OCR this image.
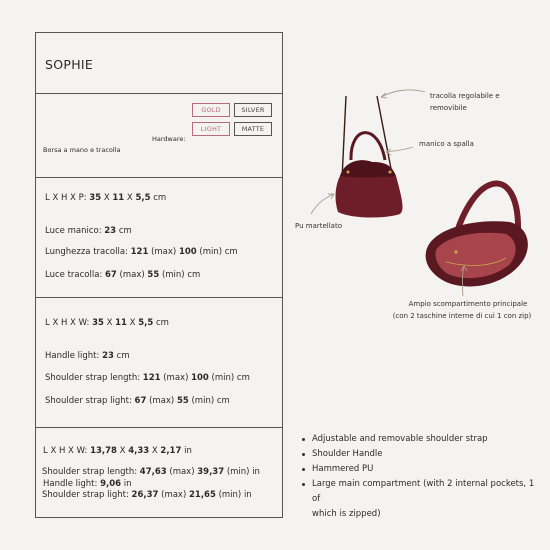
SOPHIE
Borsa a mano e tracolla
Hardware:
GOLD	SILVER
LIGHT	MATTE
L X H X P: 35 X 11 X 5,5 cm
Luce manico: 23 cm
Lunghezza tracolla: 121 (max) 100 (min) cm
Luce tracolla: 67 (max) 55 (min) cm
L X H X W: 35 X 11 X 5,5 cm
Handle light: 23 cm
Shoulder strap length: 121 (max) 100 (min) cm
Shoulder strap light: 67 (max) 55 (min) cm
L X H X W: 13,78 X 4,33 X 2,17 in
Handle light: 9,06 in
Shoulder strap length: 47,63 (max) 39,37 (min) in
Shoulder strap light: 26,37 (max) 21,65 (min) in
tracolla regolabile e
removibile
manico a spalla
Pu martellato
Ampio scompartimento principale
(con 2 taschine interne di cui 1 con zip)
Adjustable and removable shoulder strap
Shoulder Handle
Hammered PU
Large main compartment (with 2 internal pockets, 1 of
which is zipped)
